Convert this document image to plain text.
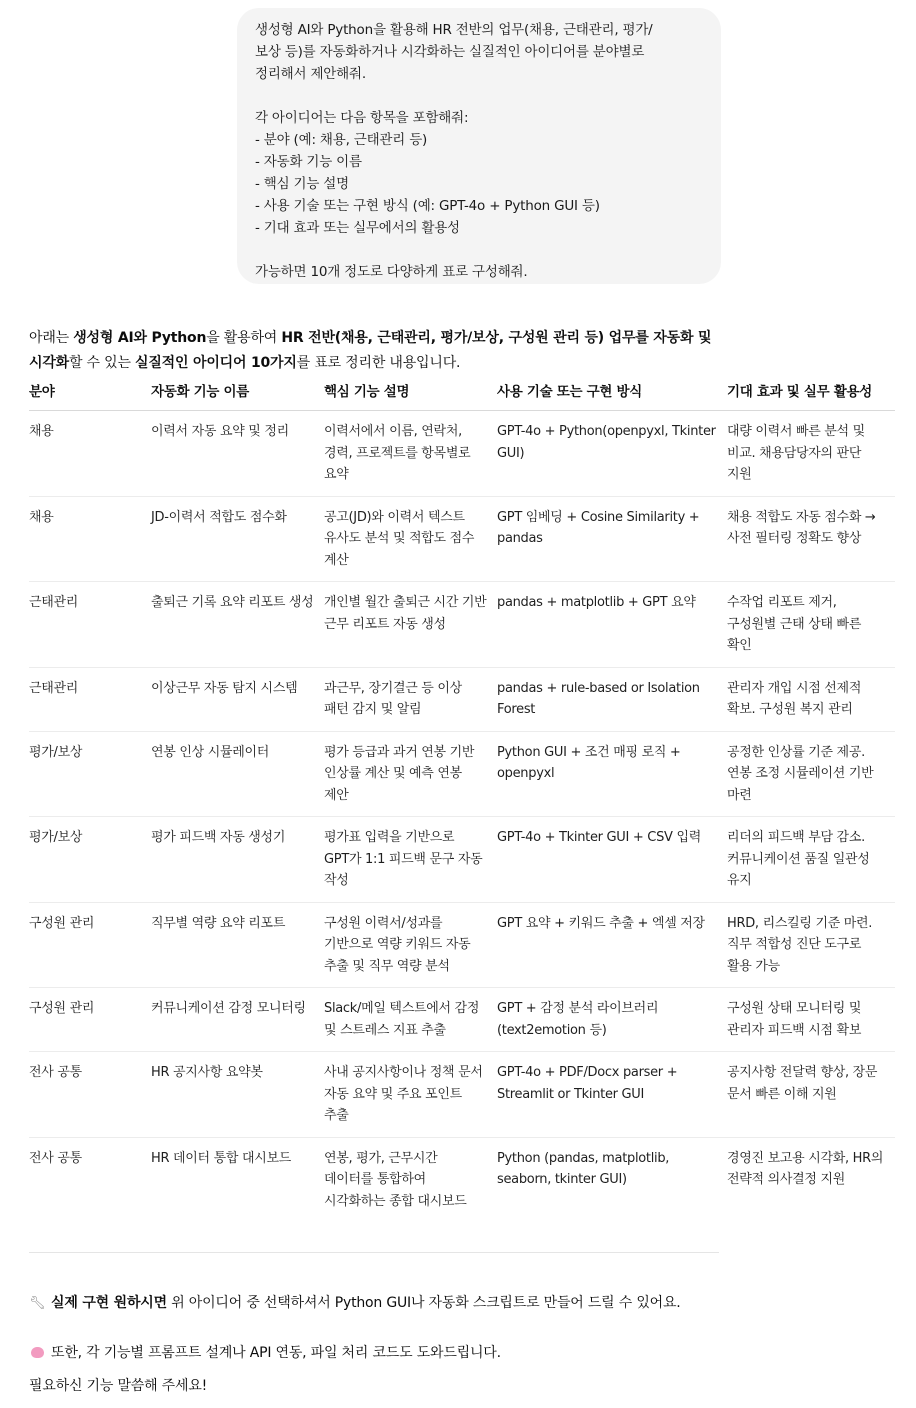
생성형 AI와 Python을 활용해 HR 전반의 업무(채용, 근태관리, 평가/
보상 등)를 자동화하거나 시각화하는 실질적인 아이디어를 분야별로
정리해서 제안해줘.

각 아이디어는 다음 항목을 포함해줘:
- 분야 (예: 채용, 근태관리 등)
- 자동화 기능 이름
- 핵심 기능 설명
- 사용 기술 또는 구현 방식 (예: GPT-4o + Python GUI 등)
- 기대 효과 또는 실무에서의 활용성

가능하면 10개 정도로 다양하게 표로 구성해줘.
아래는 생성형 AI와 Python을 활용하여 HR 전반(채용, 근태관리, 평가/보상, 구성원 관리 등) 업무를 자동화 및 시각화할 수 있는 실질적인 아이디어 10가지를 표로 정리한 내용입니다.
분야	자동화 기능 이름	핵심 기능 설명	사용 기술 또는 구현 방식	기대 효과 및 실무 활용성
채용	이력서 자동 요약 및 정리	이력서에서 이름, 연락처, 경력, 프로젝트를 항목별로 요약	GPT-4o + Python(openpyxl, Tkinter GUI)	대량 이력서 빠른 분석 및 비교. 채용담당자의 판단 지원
채용	JD-이력서 적합도 점수화	공고(JD)와 이력서 텍스트 유사도 분석 및 적합도 점수 계산	GPT 임베딩 + Cosine Similarity + pandas	채용 적합도 자동 점수화 → 사전 필터링 정확도 향상
근태관리	출퇴근 기록 요약 리포트 생성	개인별 월간 출퇴근 시간 기반 근무 리포트 자동 생성	pandas + matplotlib + GPT 요약	수작업 리포트 제거, 구성원별 근태 상태 빠른 확인
근태관리	이상근무 자동 탐지 시스템	과근무, 장기결근 등 이상 패턴 감지 및 알림	pandas + rule-based or Isolation Forest	관리자 개입 시점 선제적 확보. 구성원 복지 관리
평가/보상	연봉 인상 시뮬레이터	평가 등급과 과거 연봉 기반 인상률 계산 및 예측 연봉 제안	Python GUI + 조건 매핑 로직 + openpyxl	공정한 인상률 기준 제공. 연봉 조정 시뮬레이션 기반 마련
평가/보상	평가 피드백 자동 생성기	평가표 입력을 기반으로 GPT가 1:1 피드백 문구 자동 작성	GPT-4o + Tkinter GUI + CSV 입력	리더의 피드백 부담 감소. 커뮤니케이션 품질 일관성 유지
구성원 관리	직무별 역량 요약 리포트	구성원 이력서/성과를 기반으로 역량 키워드 자동 추출 및 직무 역량 분석	GPT 요약 + 키워드 추출 + 엑셀 저장	HRD, 리스킬링 기준 마련. 직무 적합성 진단 도구로 활용 가능
구성원 관리	커뮤니케이션 감정 모니터링	Slack/메일 텍스트에서 감정 및 스트레스 지표 추출	GPT + 감정 분석 라이브러리 (text2emotion 등)	구성원 상태 모니터링 및 관리자 피드백 시점 확보
전사 공통	HR 공지사항 요약봇	사내 공지사항이나 정책 문서 자동 요약 및 주요 포인트 추출	GPT-4o + PDF/Docx parser + Streamlit or Tkinter GUI	공지사항 전달력 향상, 장문 문서 빠른 이해 지원
전사 공통	HR 데이터 통합 대시보드	연봉, 평가, 근무시간 데이터를 통합하여 시각화하는 종합 대시보드	Python (pandas, matplotlib, seaborn, tkinter GUI)	경영진 보고용 시각화, HR의 전략적 의사결정 지원
🔧︎ 실제 구현 원하시면 위 아이디어 중 선택하셔서 Python GUI나 자동화 스크립트로 만들어 드릴 수 있어요.
또한, 각 기능별 프롬프트 설계나 API 연동, 파일 처리 코드도 도와드립니다.
필요하신 기능 말씀해 주세요!
